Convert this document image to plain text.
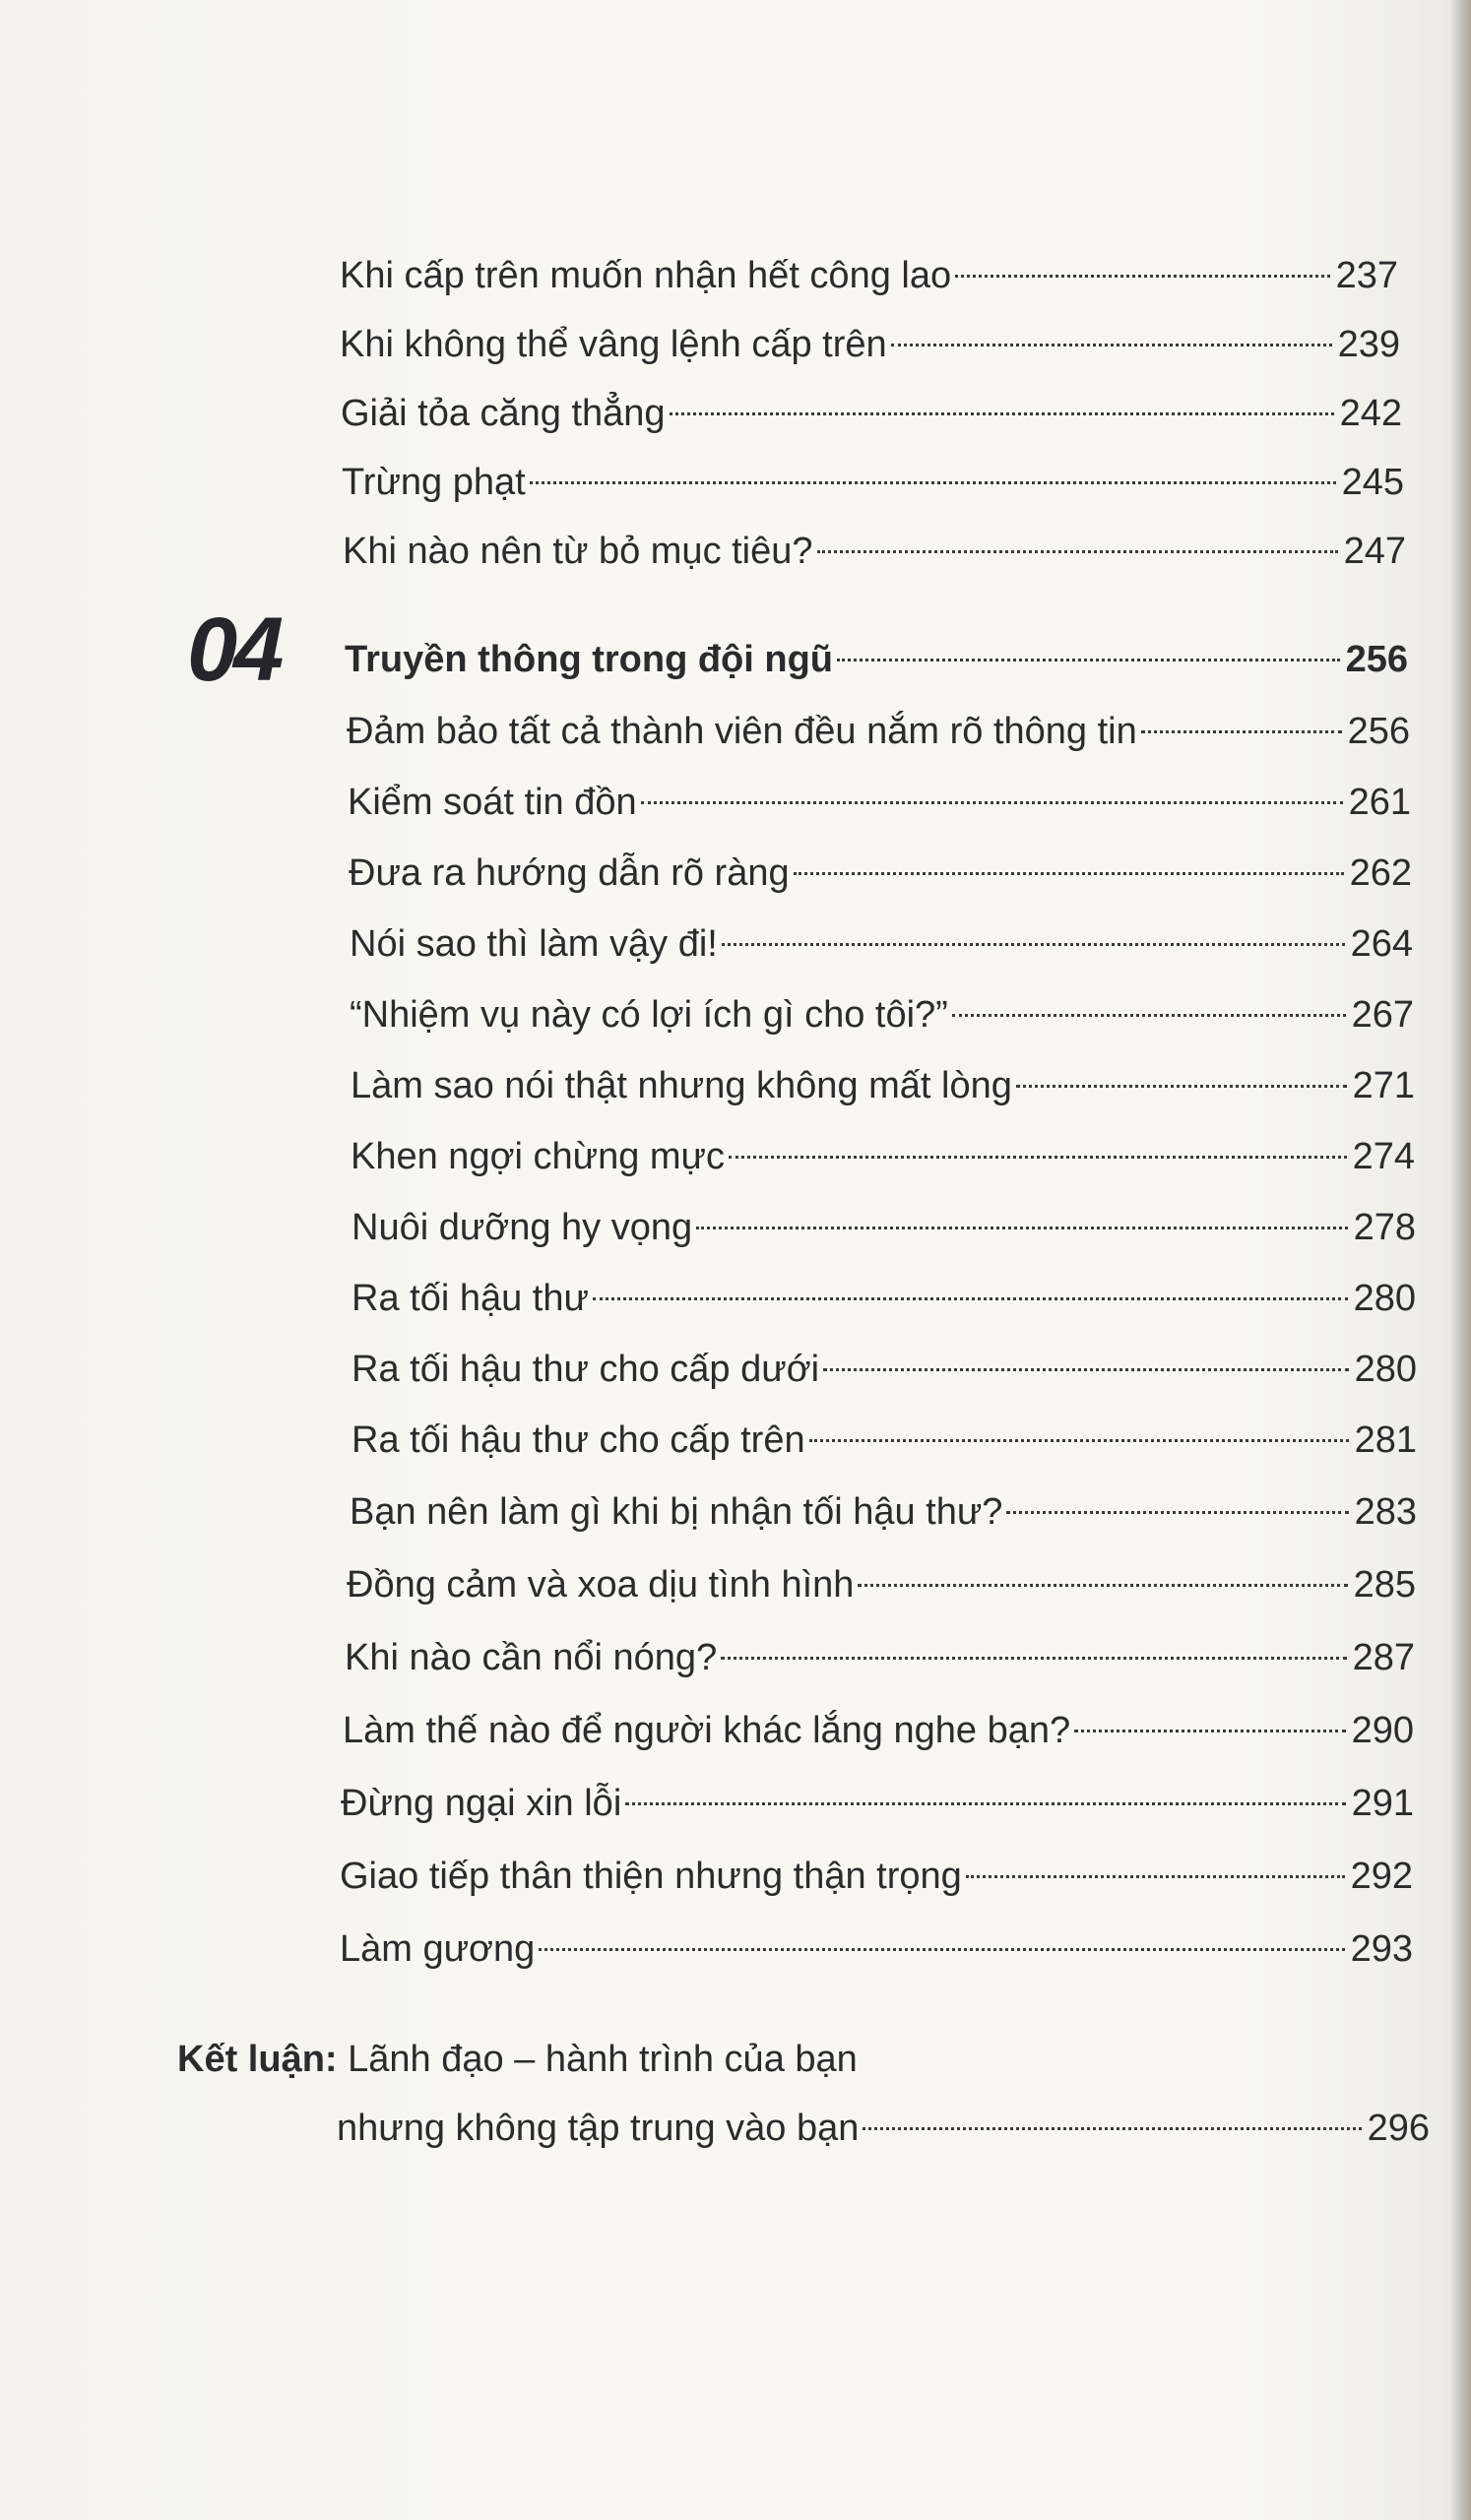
Khi cấp trên muốn nhận hết công lao	237
Khi không thể vâng lệnh cấp trên	239
Giải tỏa căng thẳng	242
Trừng phạt	245
Khi nào nên từ bỏ mục tiêu?	247
04 Truyền thông trong đội ngũ	256
Đảm bảo tất cả thành viên đều nắm rõ thông tin	256
Kiểm soát tin đồn	261
Đưa ra hướng dẫn rõ ràng	262
Nói sao thì làm vậy đi!	264
“Nhiệm vụ này có lợi ích gì cho tôi?”	267
Làm sao nói thật nhưng không mất lòng	271
Khen ngợi chừng mực	274
Nuôi dưỡng hy vọng	278
Ra tối hậu thư	280
Ra tối hậu thư cho cấp dưới	280
Ra tối hậu thư cho cấp trên	281
Bạn nên làm gì khi bị nhận tối hậu thư?	283
Đồng cảm và xoa dịu tình hình	285
Khi nào cần nổi nóng?	287
Làm thế nào để người khác lắng nghe bạn?	290
Đừng ngại xin lỗi	291
Giao tiếp thân thiện nhưng thận trọng	292
Làm gương	293
Kết luận: Lãnh đạo – hành trình của bạn
nhưng không tập trung vào bạn	296
